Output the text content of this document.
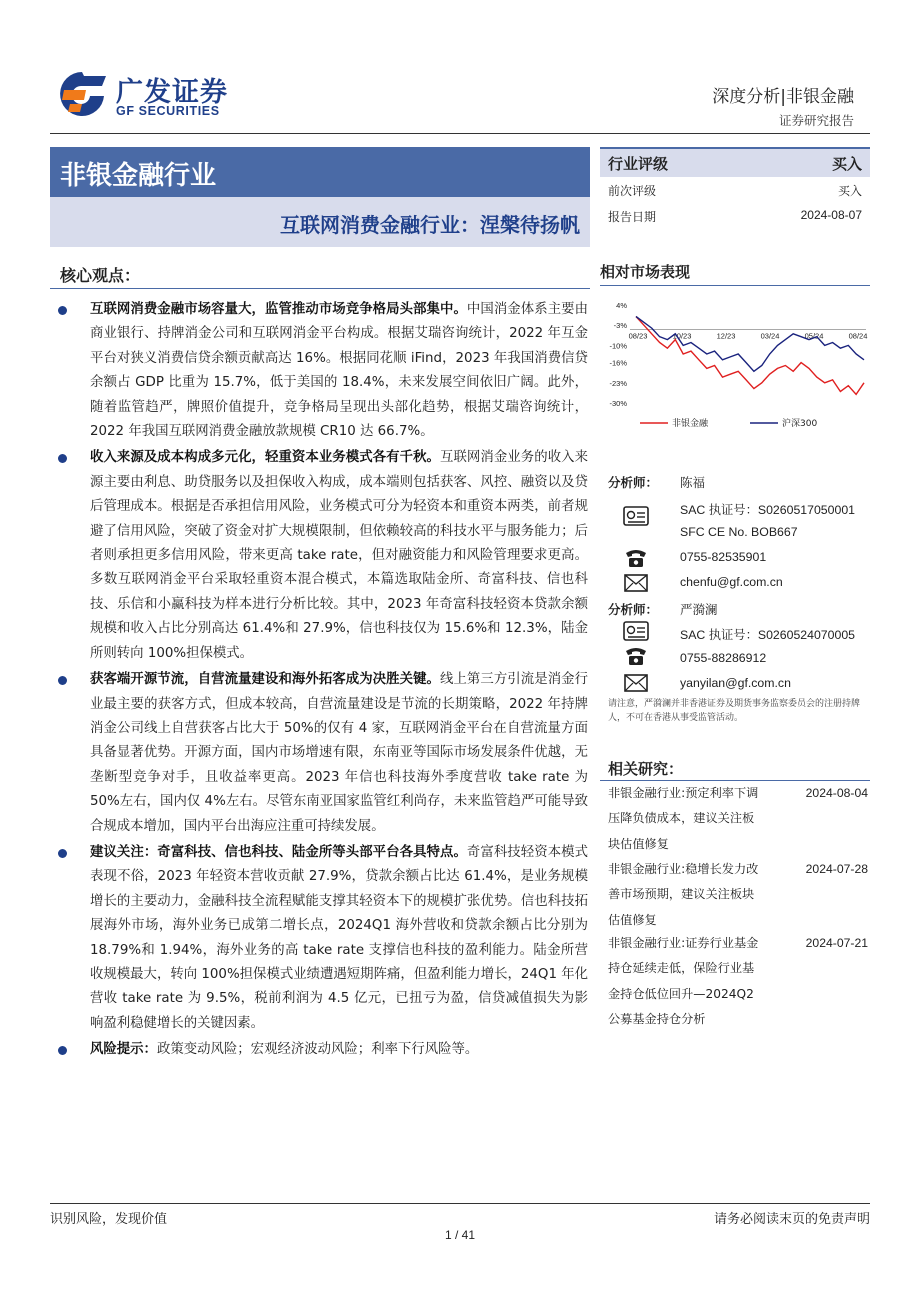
广发证券
GF SECURITIES
深度分析|非银金融
证券研究报告
非银金融行业
互联网消费金融行业：涅槃待扬帆
核心观点：
互联网消费金融市场容量大，监管推动市场竞争格局头部集中。中国消金体系主要由商业银行、持牌消金公司和互联网消金平台构成。根据艾瑞咨询统计，2022 年互金平台对狭义消费信贷余额贡献高达 16%。根据同花顺 iFind，2023 年我国消费信贷余额占 GDP 比重为 15.7%，低于美国的 18.4%，未来发展空间依旧广阔。此外，随着监管趋严，牌照价值提升，竞争格局呈现出头部化趋势，根据艾瑞咨询统计，2022 年我国互联网消费金融放款规模 CR10 达 66.7%。
收入来源及成本构成多元化，轻重资本业务模式各有千秋。互联网消金业务的收入来源主要由利息、助贷服务以及担保收入构成，成本端则包括获客、风控、融资以及贷后管理成本。根据是否承担信用风险，业务模式可分为轻资本和重资本两类，前者规避了信用风险，突破了资金对扩大规模限制，但依赖较高的科技水平与服务能力；后者则承担更多信用风险，带来更高 take rate，但对融资能力和风险管理要求更高。多数互联网消金平台采取轻重资本混合模式，本篇选取陆金所、奇富科技、信也科技、乐信和小赢科技为样本进行分析比较。其中，2023 年奇富科技轻资本贷款余额规模和收入占比分别高达 61.4%和 27.9%，信也科技仅为 15.6%和 12.3%，陆金所则转向 100%担保模式。
获客端开源节流，自营流量建设和海外拓客成为决胜关键。线上第三方引流是消金行业最主要的获客方式，但成本较高，自营流量建设是节流的长期策略，2022 年持牌消金公司线上自营获客占比大于 50%的仅有 4 家，互联网消金平台在自营流量方面具备显著优势。开源方面，国内市场增速有限，东南亚等国际市场发展条件优越，无垄断型竞争对手，且收益率更高。2023 年信也科技海外季度营收 take rate 为 50%左右，国内仅 4%左右。尽管东南亚国家监管红利尚存，未来监管趋严可能导致合规成本增加，国内平台出海应注重可持续发展。
建议关注：奇富科技、信也科技、陆金所等头部平台各具特点。奇富科技轻资本模式表现不俗，2023 年轻资本营收贡献 27.9%，贷款余额占比达 61.4%，是业务规模增长的主要动力，金融科技全流程赋能支撑其轻资本下的规模扩张优势。信也科技拓展海外市场，海外业务已成第二增长点，2024Q1 海外营收和贷款余额占比分别为 18.79%和 1.94%，海外业务的高 take rate 支撑信也科技的盈利能力。陆金所营收规模最大，转向 100%担保模式业绩遭遇短期阵痛，但盈利能力增长，24Q1 年化营收 take rate 为 9.5%，税前利润为 4.5 亿元，已扭亏为盈，信贷减值损失为影响盈利稳健增长的关键因素。
风险提示：政策变动风险；宏观经济波动风险；利率下行风险等。
行业评级	买入
前次评级	买入
报告日期	2024-08-07
相对市场表现
4%
-3%
-10%
-16%
-23%
-30%
08/23	10/23	12/23	03/24	05/24	08/24
非银金融	沪深300
分析师： 陈福
SAC 执证号：S0260517050001
SFC CE No. BOB667
0755-82535901
chenfu@gf.com.cn
分析师： 严漪澜
SAC 执证号：S0260524070005
0755-88286912
yanyilan@gf.com.cn
请注意，严漪澜并非香港证券及期货事务监察委员会的注册持牌人，不可在香港从事受监管活动。
相关研究：
非银金融行业:预定利率下调
压降负债成本，建议关注板
块估值修复
2024-08-04
非银金融行业:稳增长发力改
善市场预期，建议关注板块
估值修复
2024-07-28
非银金融行业:证券行业基金
持仓延续走低，保险行业基
金持仓低位回升—2024Q2
公募基金持仓分析
2024-07-21
识别风险，发现价值	请务必阅读末页的免责声明
1 / 41
